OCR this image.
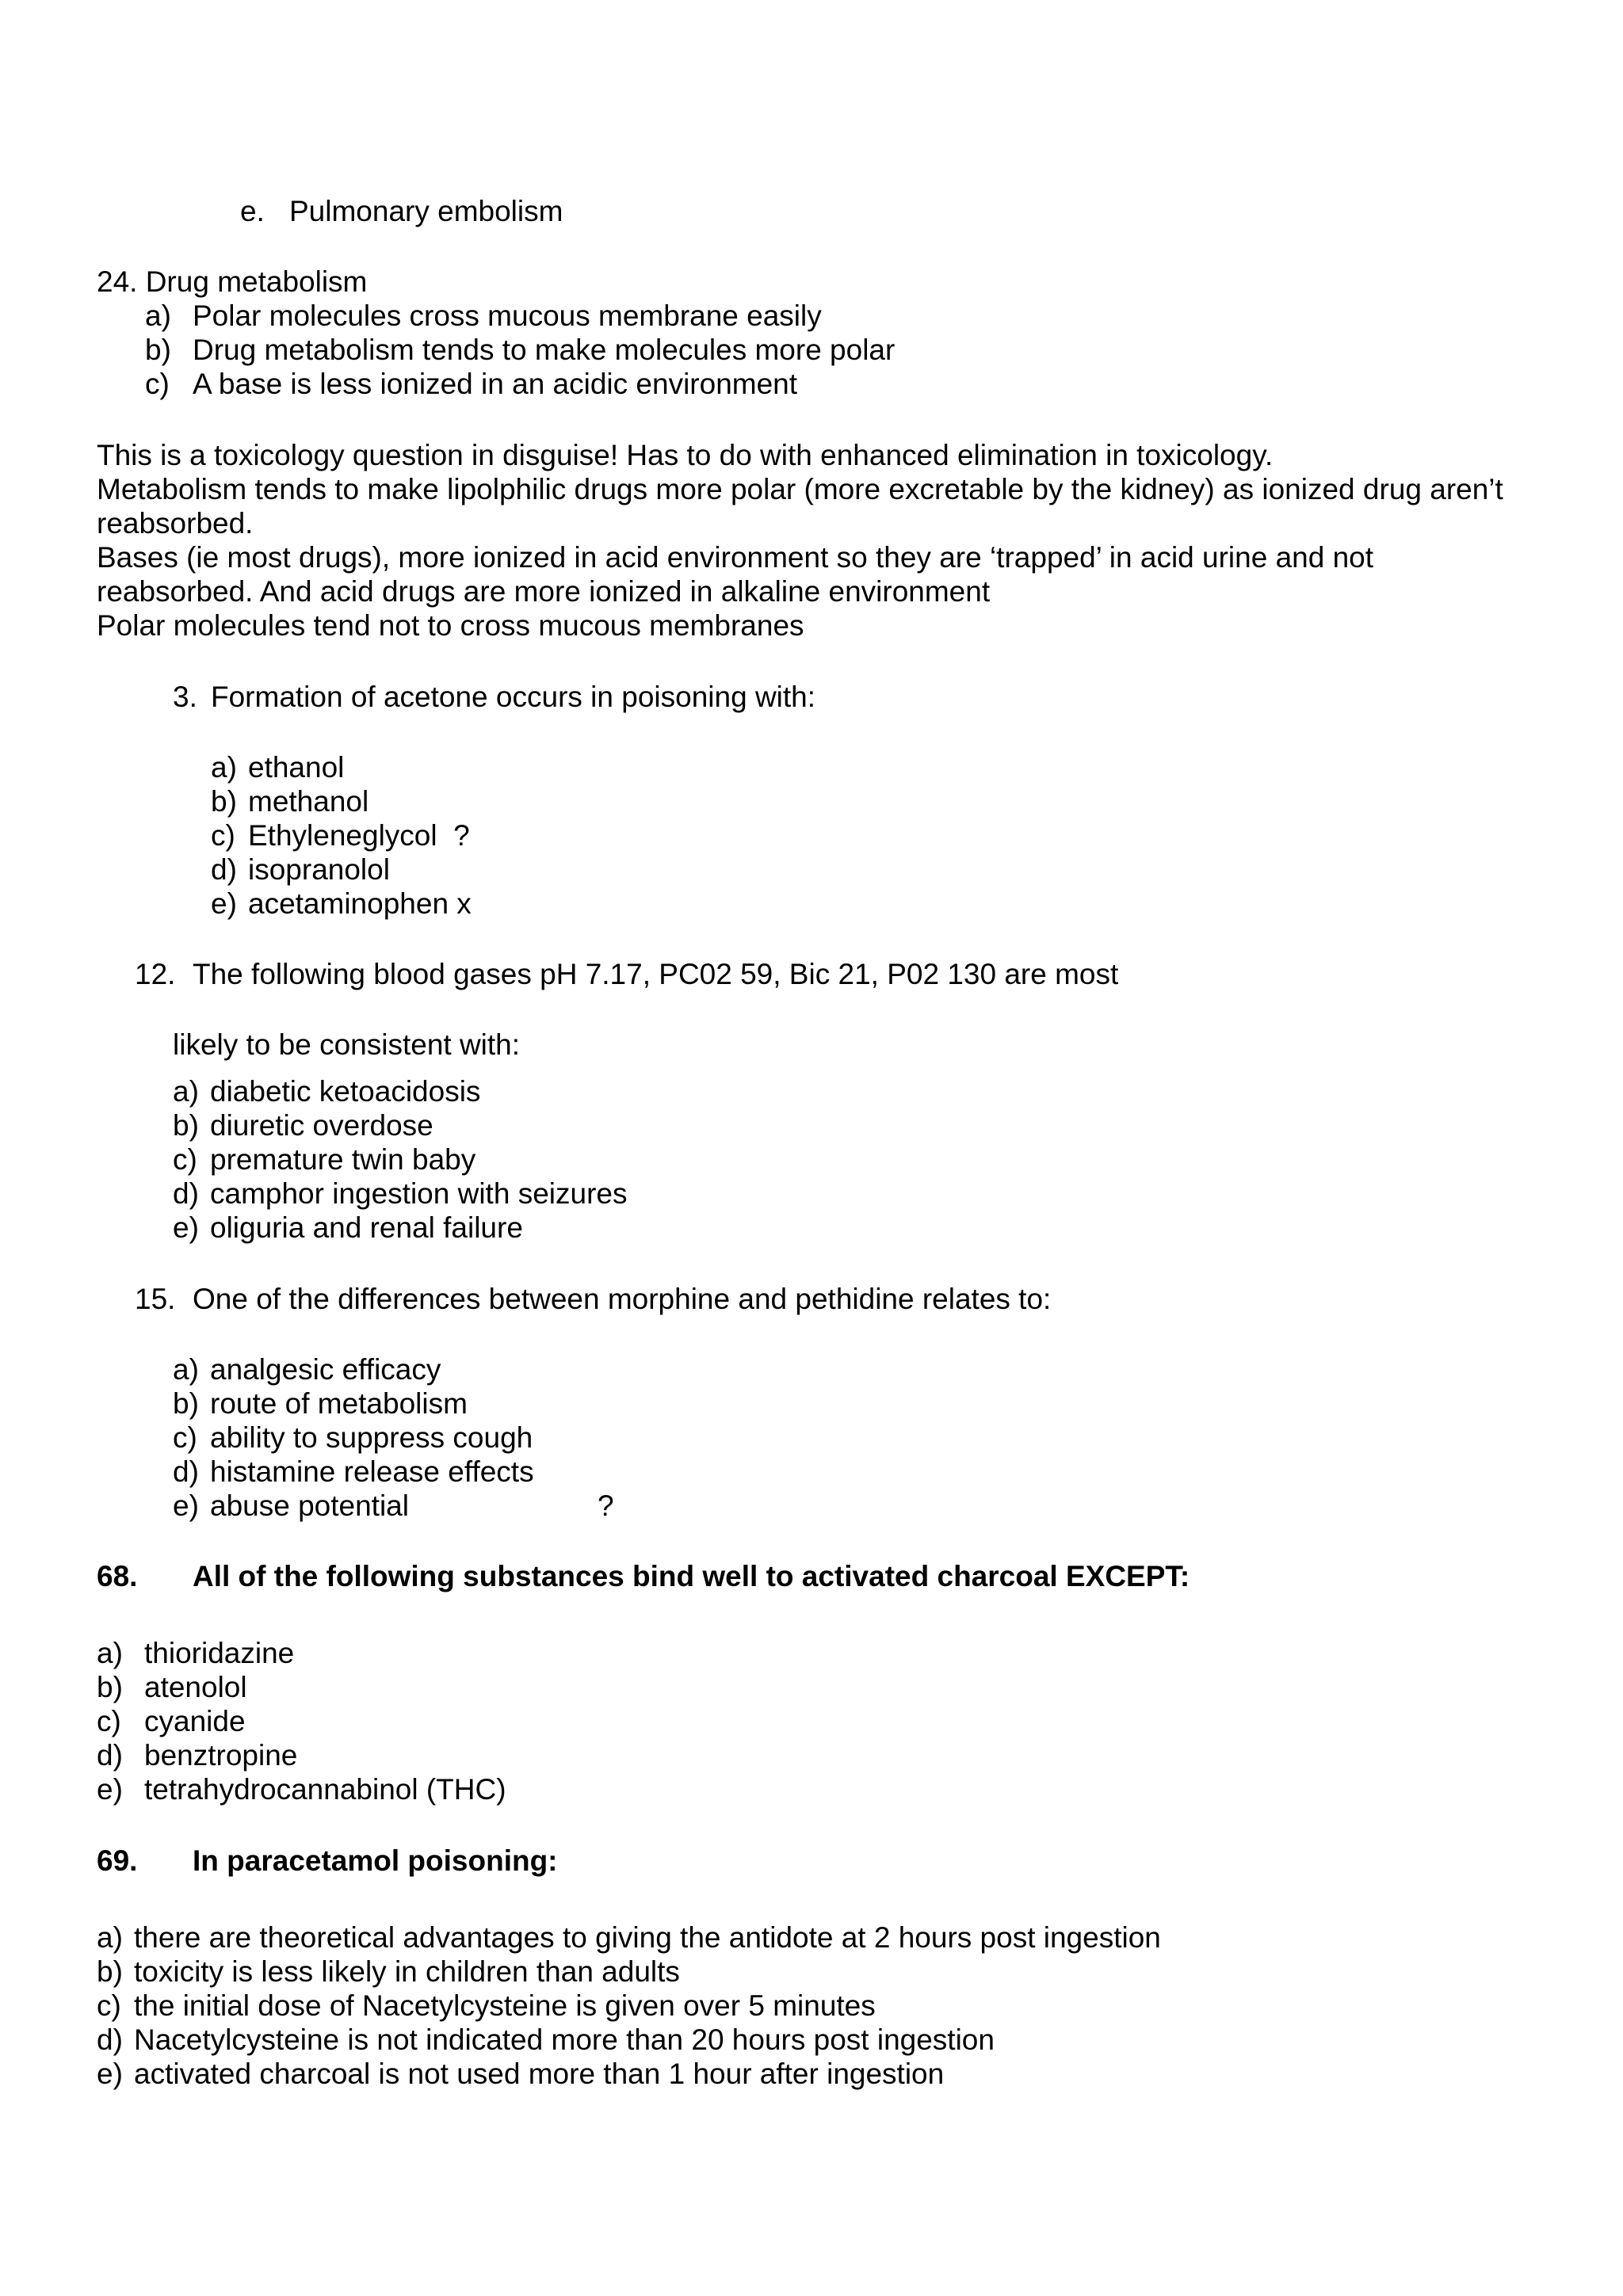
e. Pulmonary embolism
24. Drug metabolism
a) Polar molecules cross mucous membrane easily
b) Drug metabolism tends to make molecules more polar
c) A base is less ionized in an acidic environment
This is a toxicology question in disguise! Has to do with enhanced elimination in toxicology.
Metabolism tends to make lipolphilic drugs more polar (more excretable by the kidney) as ionized drug aren’t
reabsorbed.
Bases (ie most drugs), more ionized in acid environment so they are ‘trapped’ in acid urine and not
reabsorbed. And acid drugs are more ionized in alkaline environment
Polar molecules tend not to cross mucous membranes
3. Formation of acetone occurs in poisoning with:
a) ethanol
b) methanol
c) Ethyleneglycol  ?
d) isopranolol
e) acetaminophen x
12. The following blood gases pH 7.17, PC02 59, Bic 21, P02 130 are most
likely to be consistent with:
a) diabetic ketoacidosis
b) diuretic overdose
c) premature twin baby
d) camphor ingestion with seizures
e) oliguria and renal failure
15. One of the differences between morphine and pethidine relates to:
a) analgesic efficacy
b) route of metabolism
c) ability to suppress cough
d) histamine release effects
e) abuse potential	?
68. All of the following substances bind well to activated charcoal EXCEPT:
a) thioridazine
b) atenolol
c) cyanide
d) benztropine
e) tetrahydrocannabinol (THC)
69. In paracetamol poisoning:
a) there are theoretical advantages to giving the antidote at 2 hours post ingestion
b) toxicity is less likely in children than adults
c) the initial dose of Nacetylcysteine is given over 5 minutes
d) Nacetylcysteine is not indicated more than 20 hours post ingestion
e) activated charcoal is not used more than 1 hour after ingestion
